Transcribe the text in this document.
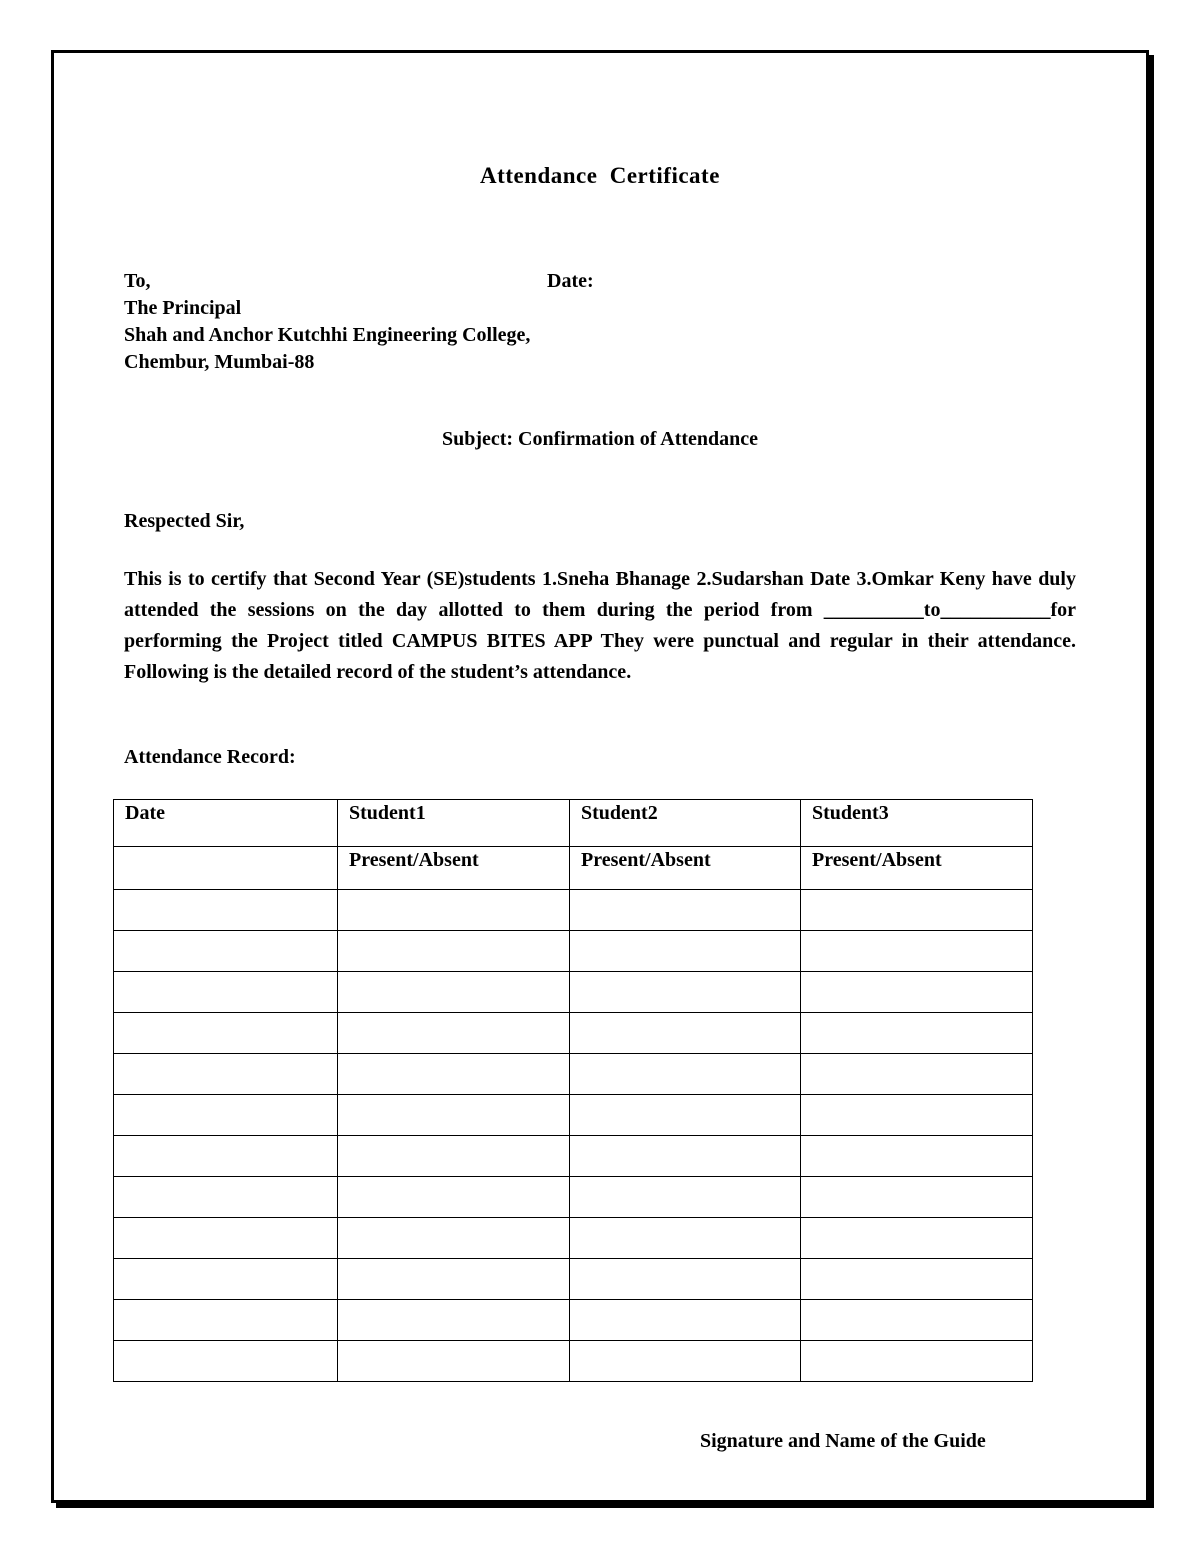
Attendance Certificate
To,
The Principal
Shah and Anchor Kutchhi Engineering College,
Chembur, Mumbai-88
Date:
Subject: Confirmation of Attendance
Respected Sir,
This is to certify that Second Year (SE)students 1.Sneha Bhanage 2.Sudarshan Date 3.Omkar Keny have duly attended the sessions on the day allotted to them during the period from __________to___________for performing the Project titled CAMPUS BITES APP They were punctual and regular in their attendance. Following is the detailed record of the student’s attendance.
Attendance Record:
Date	Student1	Student2	Student3
	Present/Absent	Present/Absent	Present/Absent

Signature and Name of the Guide
